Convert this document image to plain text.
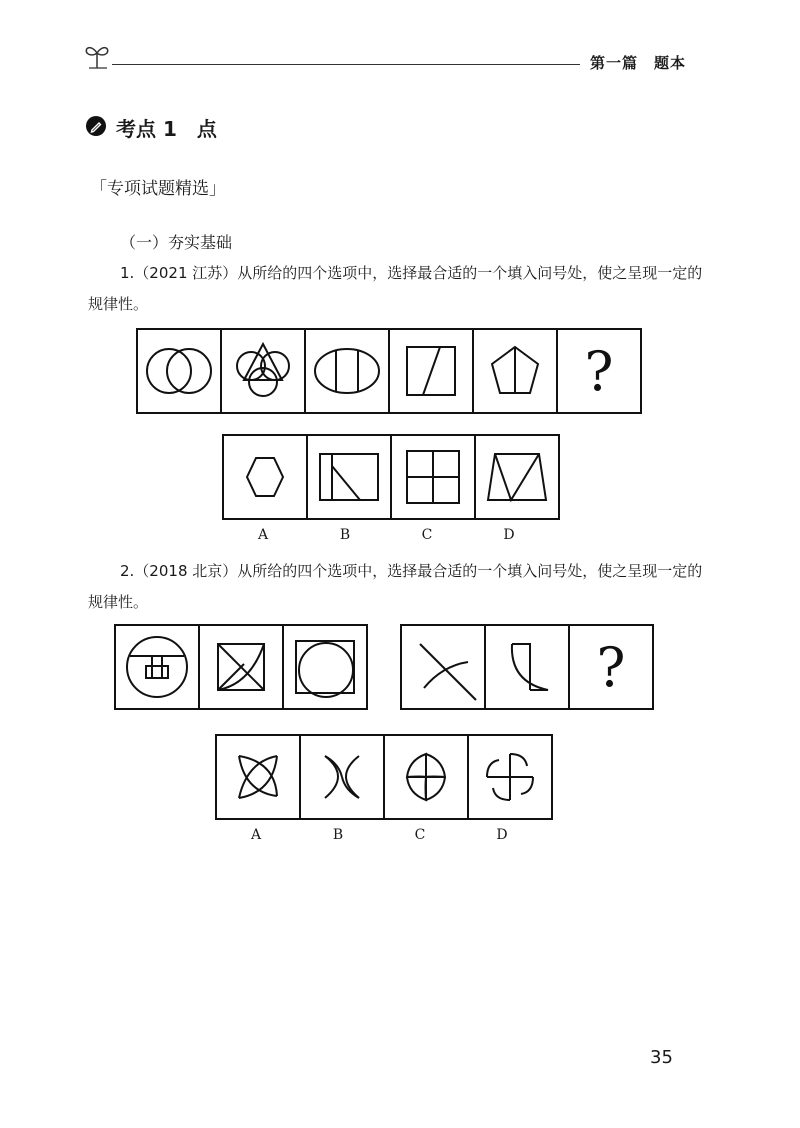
第一篇　题本
考点 1　点
「专项试题精选」
（一）夯实基础
1.（2021 江苏）从所给的四个选项中，选择最合适的一个填入问号处，使之呈现一定的规律性。
?
A	B	C	D
2.（2018 北京）从所给的四个选项中，选择最合适的一个填入问号处，使之呈现一定的规律性。
?
A	B	C	D
35
